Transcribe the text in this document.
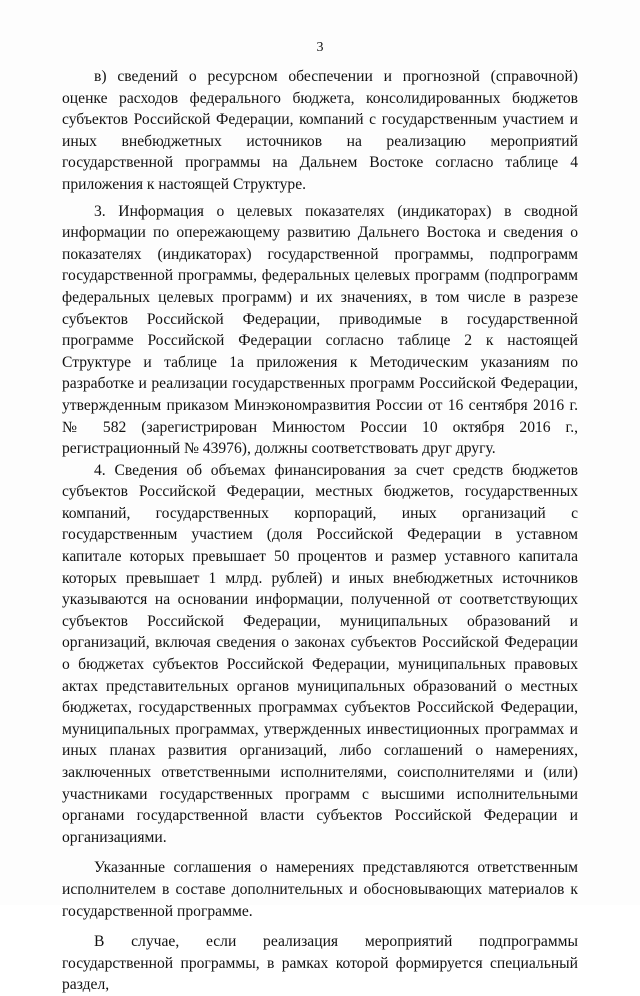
3

в) сведений о ресурсном обеспечении и прогнозной (справочной) оценке расходов федерального бюджета, консолидированных бюджетов субъектов Российской Федерации, компаний с государственным участием и иных внебюджетных источников на реализацию мероприятий государственной программы на Дальнем Востоке согласно таблице 4 приложения к настоящей Структуре.

3. Информация о целевых показателях (индикаторах) в сводной информации по опережающему развитию Дальнего Востока и сведения о показателях (индикаторах) государственной программы, подпрограмм государственной программы, федеральных целевых программ (подпрограмм федеральных целевых программ) и их значениях, в том числе в разрезе субъектов Российской Федерации, приводимые в государственной программе Российской Федерации согласно таблице 2 к настоящей Структуре и таблице 1а приложения к Методическим указаниям по разработке и реализации государственных программ Российской Федерации, утвержденным приказом Минэкономразвития России от 16 сентября 2016 г. № 582 (зарегистрирован Минюстом России 10 октября 2016 г., регистрационный № 43976), должны соответствовать друг другу.

4. Сведения об объемах финансирования за счет средств бюджетов субъектов Российской Федерации, местных бюджетов, государственных компаний, государственных корпораций, иных организаций с государственным участием (доля Российской Федерации в уставном капитале которых превышает 50 процентов и размер уставного капитала которых превышает 1 млрд. рублей) и иных внебюджетных источников указываются на основании информации, полученной от соответствующих субъектов Российской Федерации, муниципальных образований и организаций, включая сведения о законах субъектов Российской Федерации о бюджетах субъектов Российской Федерации, муниципальных правовых актах представительных органов муниципальных образований о местных бюджетах, государственных программах субъектов Российской Федерации, муниципальных программах, утвержденных инвестиционных программах и иных планах развития организаций, либо соглашений о намерениях, заключенных ответственными исполнителями, соисполнителями и (или) участниками государственных программ с высшими исполнительными органами государственной власти субъектов Российской Федерации и организациями.

Указанные соглашения о намерениях представляются ответственным исполнителем в составе дополнительных и обосновывающих материалов к государственной программе.

В случае, если реализация мероприятий подпрограммы государственной программы, в рамках которой формируется специальный раздел,
